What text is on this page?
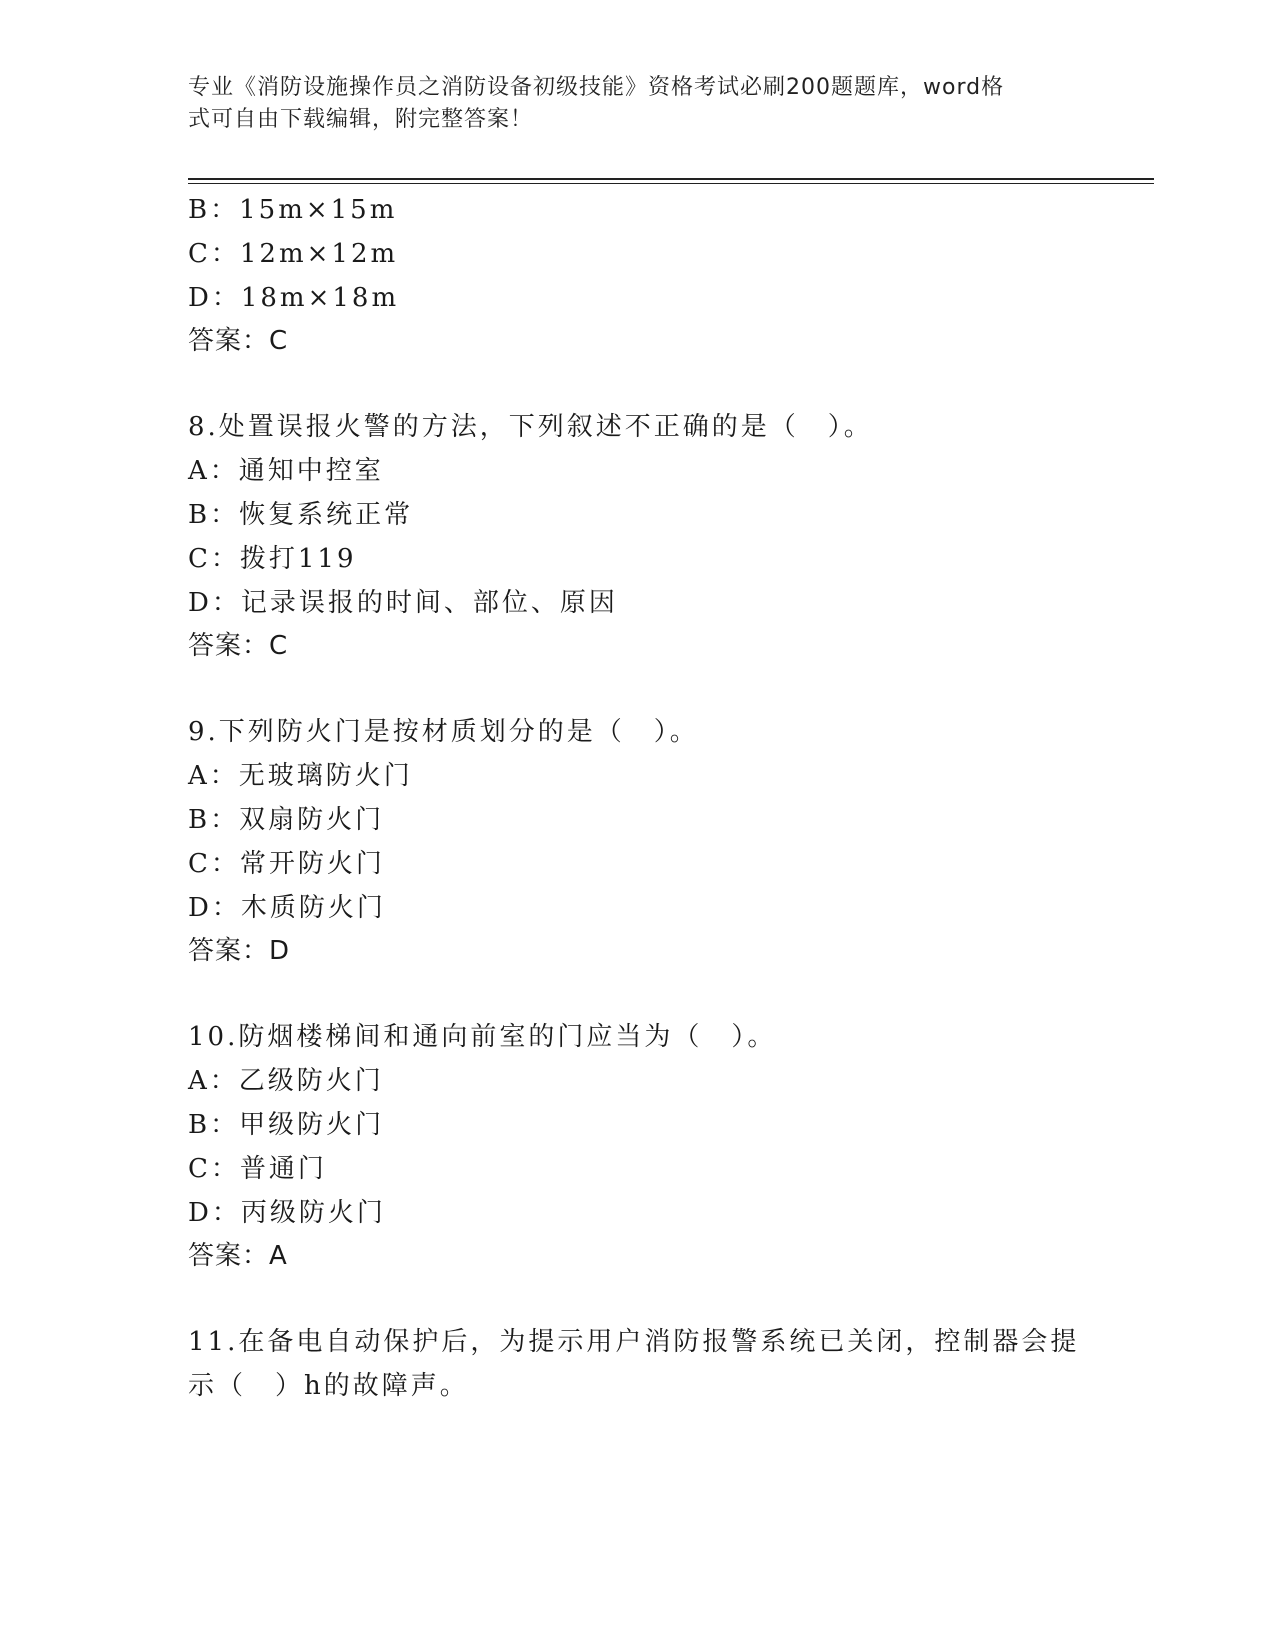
专业《消防设施操作员之消防设备初级技能》资格考试必刷200题题库，word格
式可自由下载编辑，附完整答案！
B：15m×15m
C：12m×12m
D：18m×18m
答案：C
8.处置误报火警的方法，下列叙述不正确的是（　）。
A：通知中控室
B：恢复系统正常
C：拨打119
D：记录误报的时间、部位、原因
答案：C
9.下列防火门是按材质划分的是（　）。
A：无玻璃防火门
B：双扇防火门
C：常开防火门
D：木质防火门
答案：D
10.防烟楼梯间和通向前室的门应当为（　）。
A：乙级防火门
B：甲级防火门
C：普通门
D：丙级防火门
答案：A
11.在备电自动保护后，为提示用户消防报警系统已关闭，控制器会提
示（　）h的故障声。
